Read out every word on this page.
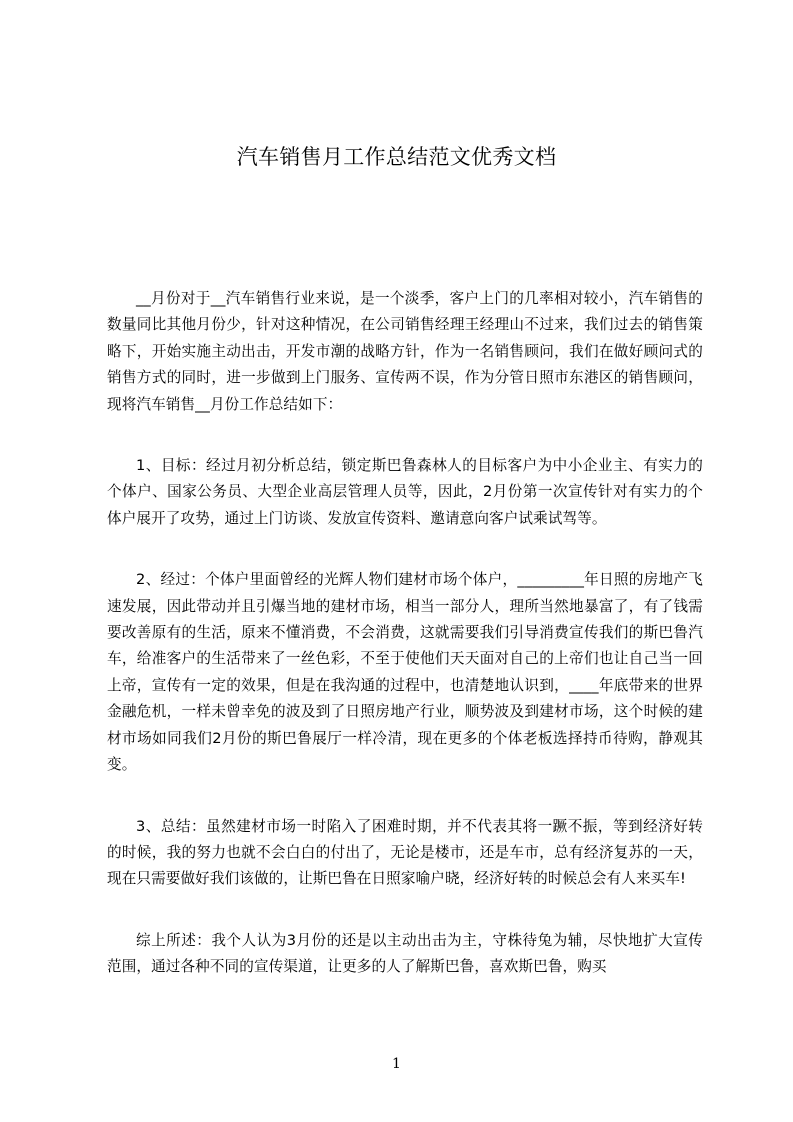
汽车销售月工作总结范文优秀文档

__月份对于__汽车销售行业来说，是一个淡季，客户上门的几率相对较小，汽车销售的数量同比其他月份少，针对这种情况，在公司销售经理王经理山不过来，我们过去的销售策略下，开始实施主动出击，开发市潮的战略方针，作为一名销售顾问，我们在做好顾问式的销售方式的同时，进一步做到上门服务、宣传两不误，作为分管日照市东港区的销售顾问，现将汽车销售__月份工作总结如下：

1、目标：经过月初分析总结，锁定斯巴鲁森林人的目标客户为中小企业主、有实力的个体户、国家公务员、大型企业高层管理人员等，因此，2月份第一次宣传针对有实力的个体户展开了攻势，通过上门访谈、发放宣传资料、邀请意向客户试乘试驾等。

2、经过：个体户里面曾经的光辉人物们建材市场个体户，_________年日照的房地产飞速发展，因此带动并且引爆当地的建材市场，相当一部分人，理所当然地暴富了，有了钱需要改善原有的生活，原来不懂消费，不会消费，这就需要我们引导消费宣传我们的斯巴鲁汽车，给准客户的生活带来了一丝色彩，不至于使他们天天面对自己的上帝们也让自己当一回上帝，宣传有一定的效果，但是在我沟通的过程中，也清楚地认识到，____年底带来的世界金融危机，一样未曾幸免的波及到了日照房地产行业，顺势波及到建材市场，这个时候的建材市场如同我们2月份的斯巴鲁展厅一样冷清，现在更多的个体老板选择持币待购，静观其变。

3、总结：虽然建材市场一时陷入了困难时期，并不代表其将一蹶不振，等到经济好转的时候，我的努力也就不会白白的付出了，无论是楼市，还是车市，总有经济复苏的一天，现在只需要做好我们该做的，让斯巴鲁在日照家喻户晓，经济好转的时候总会有人来买车!

综上所述：我个人认为3月份的还是以主动出击为主，守株待兔为辅，尽快地扩大宣传范围，通过各种不同的宣传渠道，让更多的人了解斯巴鲁，喜欢斯巴鲁，购买

1
